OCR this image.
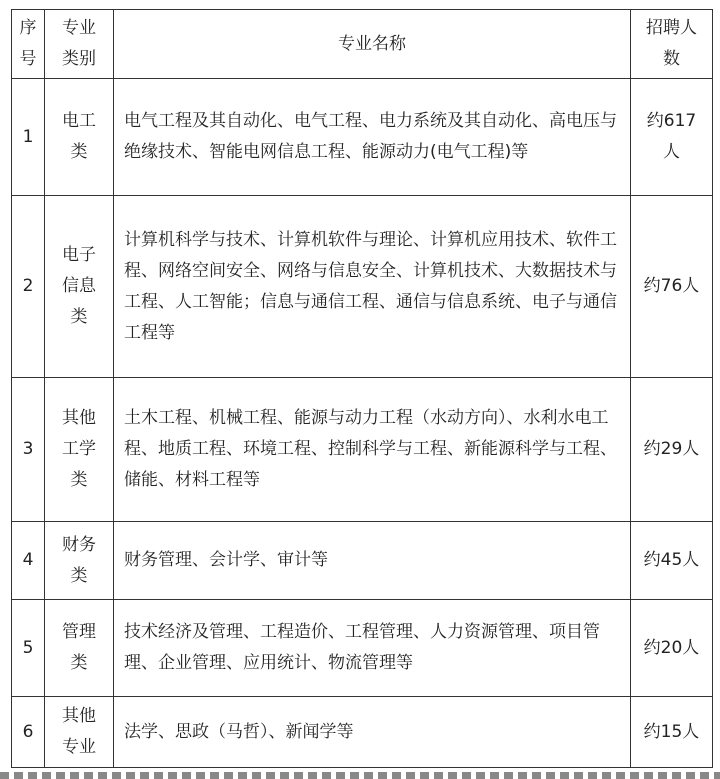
序号	专业类别	专业名称	招聘人数
1	电工类	电气工程及其自动化、电气工程、电力系统及其自动化、高电压与绝缘技术、智能电网信息工程、能源动力(电气工程)等	约617人
2	电子信息类	计算机科学与技术、计算机软件与理论、计算机应用技术、软件工程、网络空间安全、网络与信息安全、计算机技术、大数据技术与工程、人工智能；信息与通信工程、通信与信息系统、电子与通信工程等	约76人
3	其他工学类	土木工程、机械工程、能源与动力工程（水动方向）、水利水电工程、地质工程、环境工程、控制科学与工程、新能源科学与工程、储能、材料工程等	约29人
4	财务类	财务管理、会计学、审计等	约45人
5	管理类	技术经济及管理、工程造价、工程管理、人力资源管理、项目管理、企业管理、应用统计、物流管理等	约20人
6	其他专业	法学、思政（马哲）、新闻学等	约15人
